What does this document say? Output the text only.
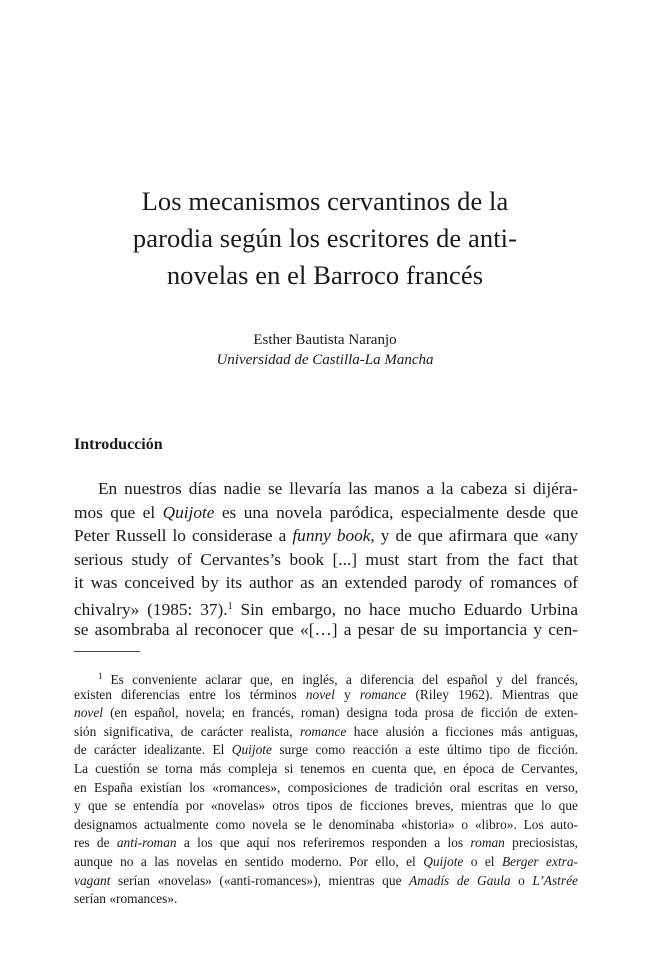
Los mecanismos cervantinos de la
parodia según los escritores de anti-
novelas en el Barroco francés
Esther Bautista Naranjo
Universidad de Castilla-La Mancha
Introducción
En nuestros días nadie se llevaría las manos a la cabeza si dijéra-
mos que el Quijote es una novela paródica, especialmente desde que
Peter Russell lo considerase a funny book, y de que afirmara que «any
serious study of Cervantes’s book [...] must start from the fact that
it was conceived by its author as an extended parody of romances of
chivalry» (1985: 37).$^1$ Sin embargo, no hace mucho Eduardo Urbina
se asombraba al reconocer que «[…] a pesar de su importancia y cen-
$^1$ Es conveniente aclarar que, en inglés, a diferencia del español y del francés,
existen diferencias entre los términos novel y romance (Riley 1962). Mientras que
novel (en español, novela; en francés, roman) designa toda prosa de ficción de exten-
sión significativa, de carácter realista, romance hace alusión a ficciones más antiguas,
de carácter idealizante. El Quijote surge como reacción a este último tipo de ficción.
La cuestión se torna más compleja si tenemos en cuenta que, en época de Cervantes,
en España existían los «romances», composiciones de tradición oral escritas en verso,
y que se entendía por «novelas» otros tipos de ficciones breves, mientras que lo que
designamos actualmente como novela se le denominaba «historia» o «libro». Los auto-
res de anti-roman a los que aquí nos referiremos responden a los roman preciosistas,
aunque no a las novelas en sentido moderno. Por ello, el Quijote o el Berger extra-
vagant serían «novelas» («anti-romances»), mientras que Amadís de Gaula o L’Astrée
serían «romances».
